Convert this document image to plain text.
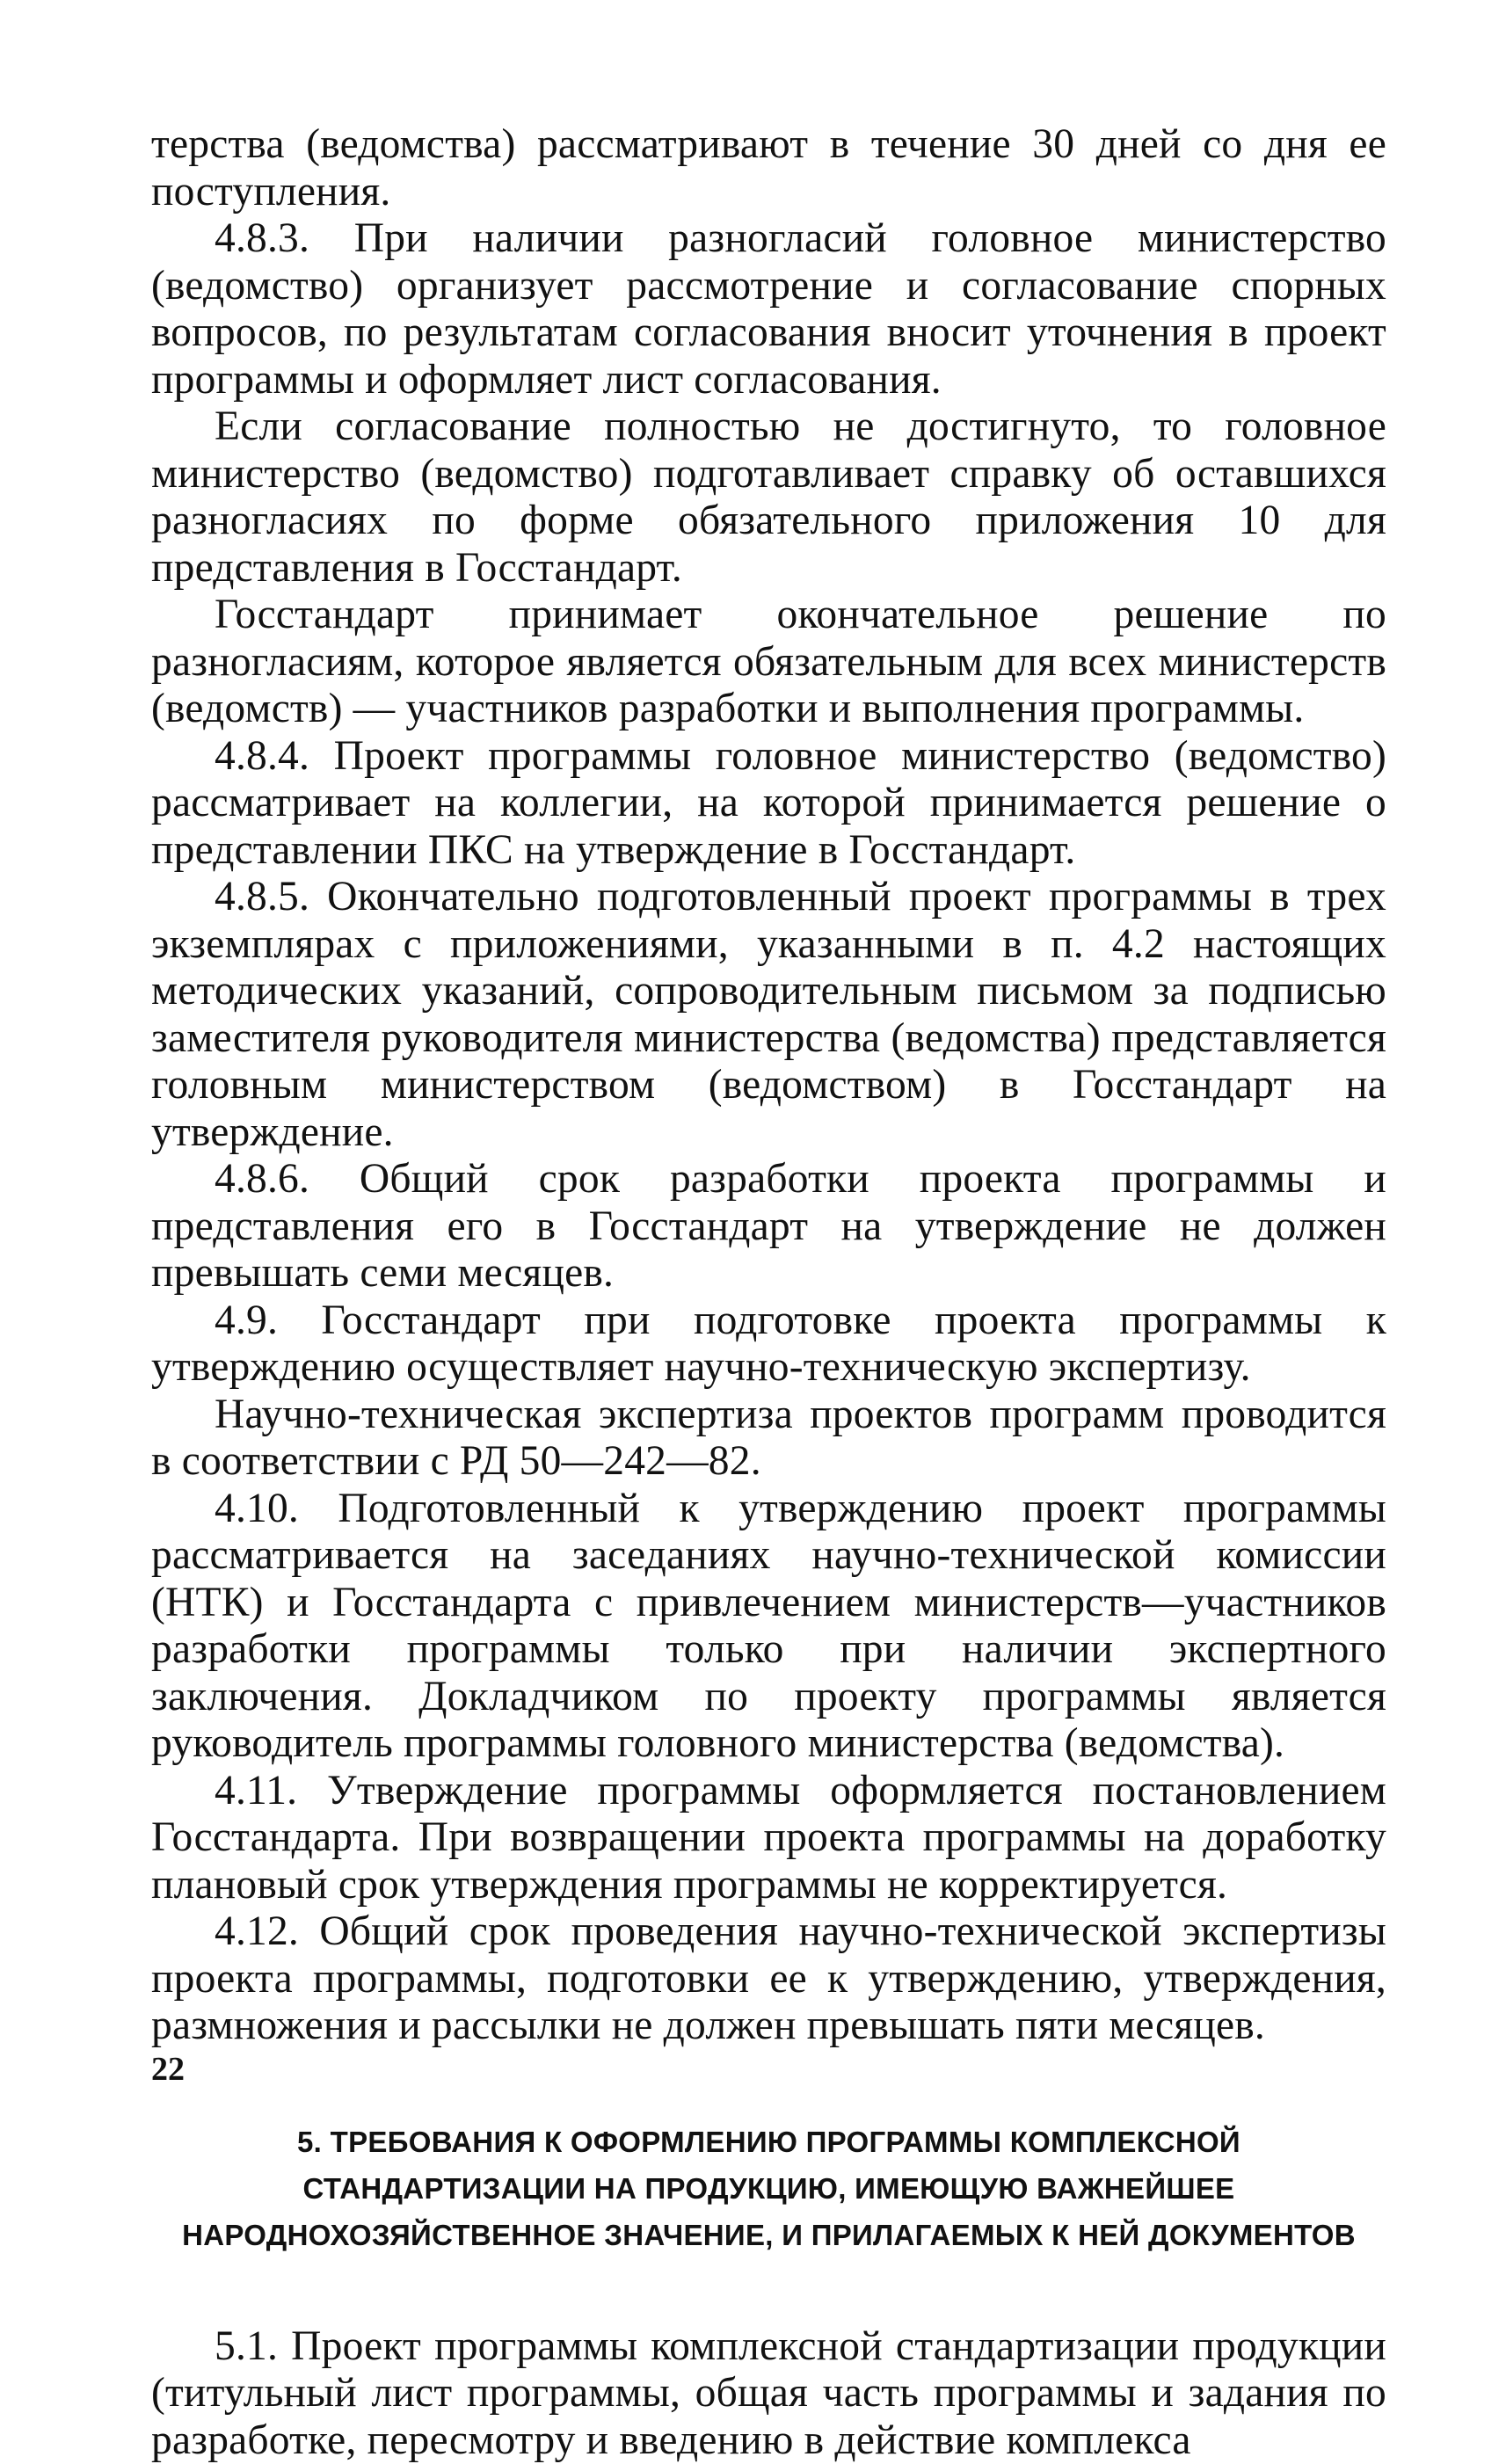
терства (ведомства) рассматривают в течение 30 дней со дня ее поступления.

4.8.3. При наличии разногласий головное министерство (ведомство) организует рассмотрение и согласование спорных вопросов, по результатам согласования вносит уточнения в проект программы и оформляет лист согласования.

Если согласование полностью не достигнуто, то головное министерство (ведомство) подготавливает справку об оставшихся разногласиях по форме обязательного приложения 10 для представления в Госстандарт.

Госстандарт принимает окончательное решение по разногласиям, которое является обязательным для всех министерств (ведомств) — участников разработки и выполнения программы.

4.8.4. Проект программы головное министерство (ведомство) рассматривает на коллегии, на которой принимается решение о представлении ПКС на утверждение в Госстандарт.

4.8.5. Окончательно подготовленный проект программы в трех экземплярах с приложениями, указанными в п. 4.2 настоящих методических указаний, сопроводительным письмом за подписью заместителя руководителя министерства (ведомства) представляется головным министерством (ведомством) в Госстандарт на утверждение.

4.8.6. Общий срок разработки проекта программы и представления его в Госстандарт на утверждение не должен превышать семи месяцев.

4.9. Госстандарт при подготовке проекта программы к утверждению осуществляет научно-техническую экспертизу.

Научно-техническая экспертиза проектов программ проводится в соответствии с РД 50—242—82.

4.10. Подготовленный к утверждению проект программы рассматривается на заседаниях научно-технической комиссии (НТК) и Госстандарта с привлечением министерств—участников разработки программы только при наличии экспертного заключения. Докладчиком по проекту программы является руководитель программы головного министерства (ведомства).

4.11. Утверждение программы оформляется постановлением Госстандарта. При возвращении проекта программы на доработку плановый срок утверждения программы не корректируется.

4.12. Общий срок проведения научно-технической экспертизы проекта программы, подготовки ее к утверждению, утверждения, размножения и рассылки не должен превышать пяти месяцев.

5. ТРЕБОВАНИЯ К ОФОРМЛЕНИЮ ПРОГРАММЫ КОМПЛЕКСНОЙ
СТАНДАРТИЗАЦИИ НА ПРОДУКЦИЮ, ИМЕЮЩУЮ ВАЖНЕЙШЕЕ
НАРОДНОХОЗЯЙСТВЕННОЕ ЗНАЧЕНИЕ, И ПРИЛАГАЕМЫХ К НЕЙ ДОКУМЕНТОВ

5.1. Проект программы комплексной стандартизации продукции (титульный лист программы, общая часть программы и задания по разработке, пересмотру и введению в действие комплекса

22
